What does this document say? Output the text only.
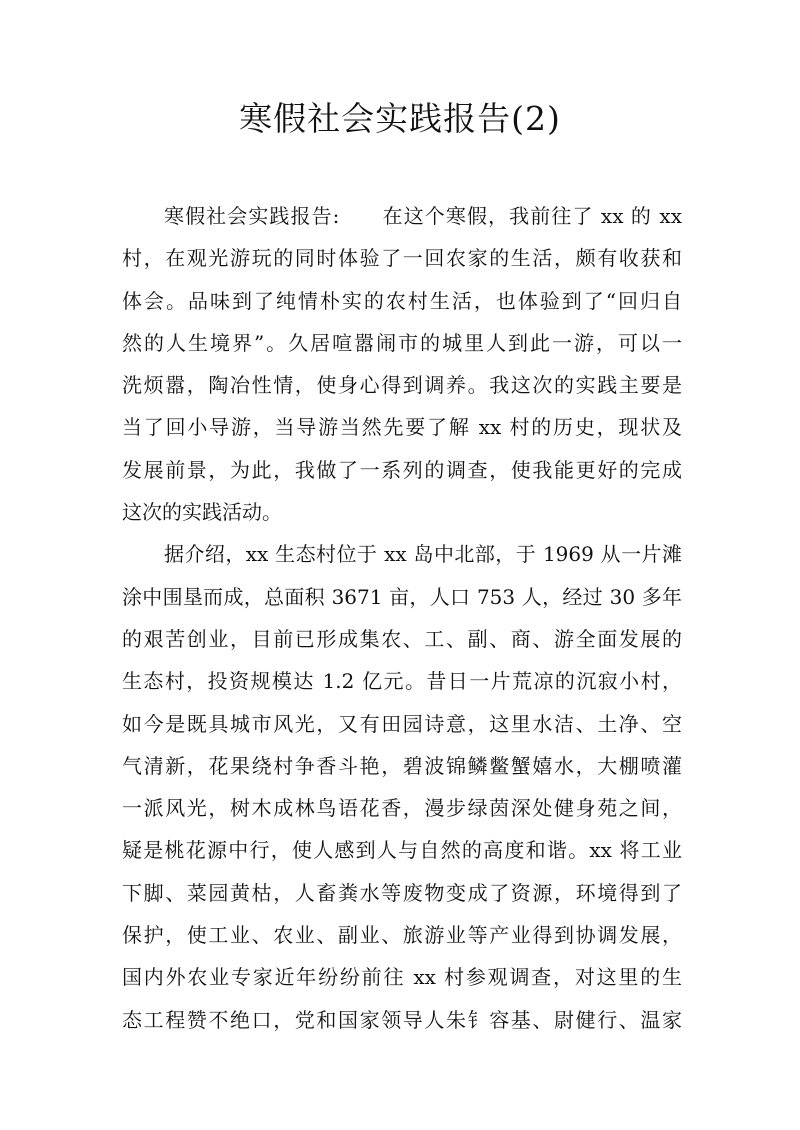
寒假社会实践报告(2)
寒假社会实践报告:　　在这个寒假，我前往了 xx 的 xx
村，在观光游玩的同时体验了一回农家的生活，颇有收获和
体会。品味到了纯情朴实的农村生活，也体验到了“回归自
然的人生境界”。久居喧嚣闹市的城里人到此一游，可以一
洗烦嚣，陶冶性情，使身心得到调养。我这次的实践主要是
当了回小导游，当导游当然先要了解 xx 村的历史，现状及
发展前景，为此，我做了一系列的调查，使我能更好的完成
这次的实践活动。
据介绍，xx 生态村位于 xx 岛中北部，于 1969 从一片滩
涂中围垦而成，总面积 3671 亩，人口 753 人，经过 30 多年
的艰苦创业，目前已形成集农、工、副、商、游全面发展的
生态村，投资规模达 1.2 亿元。昔日一片荒凉的沉寂小村，
如今是既具城市风光，又有田园诗意，这里水洁、土净、空
气清新，花果绕村争香斗艳，碧波锦鳞鳖蟹嬉水，大棚喷灌
一派风光，树木成林鸟语花香，漫步绿茵深处健身苑之间，
疑是桃花源中行，使人感到人与自然的高度和谐。xx 将工业
下脚、菜园黄枯，人畜粪水等废物变成了资源，环境得到了
保护，使工业、农业、副业、旅游业等产业得到协调发展，
国内外农业专家近年纷纷前往 xx 村参观调查，对这里的生
态工程赞不绝口，党和国家领导人朱钅容基、尉健行、温家
